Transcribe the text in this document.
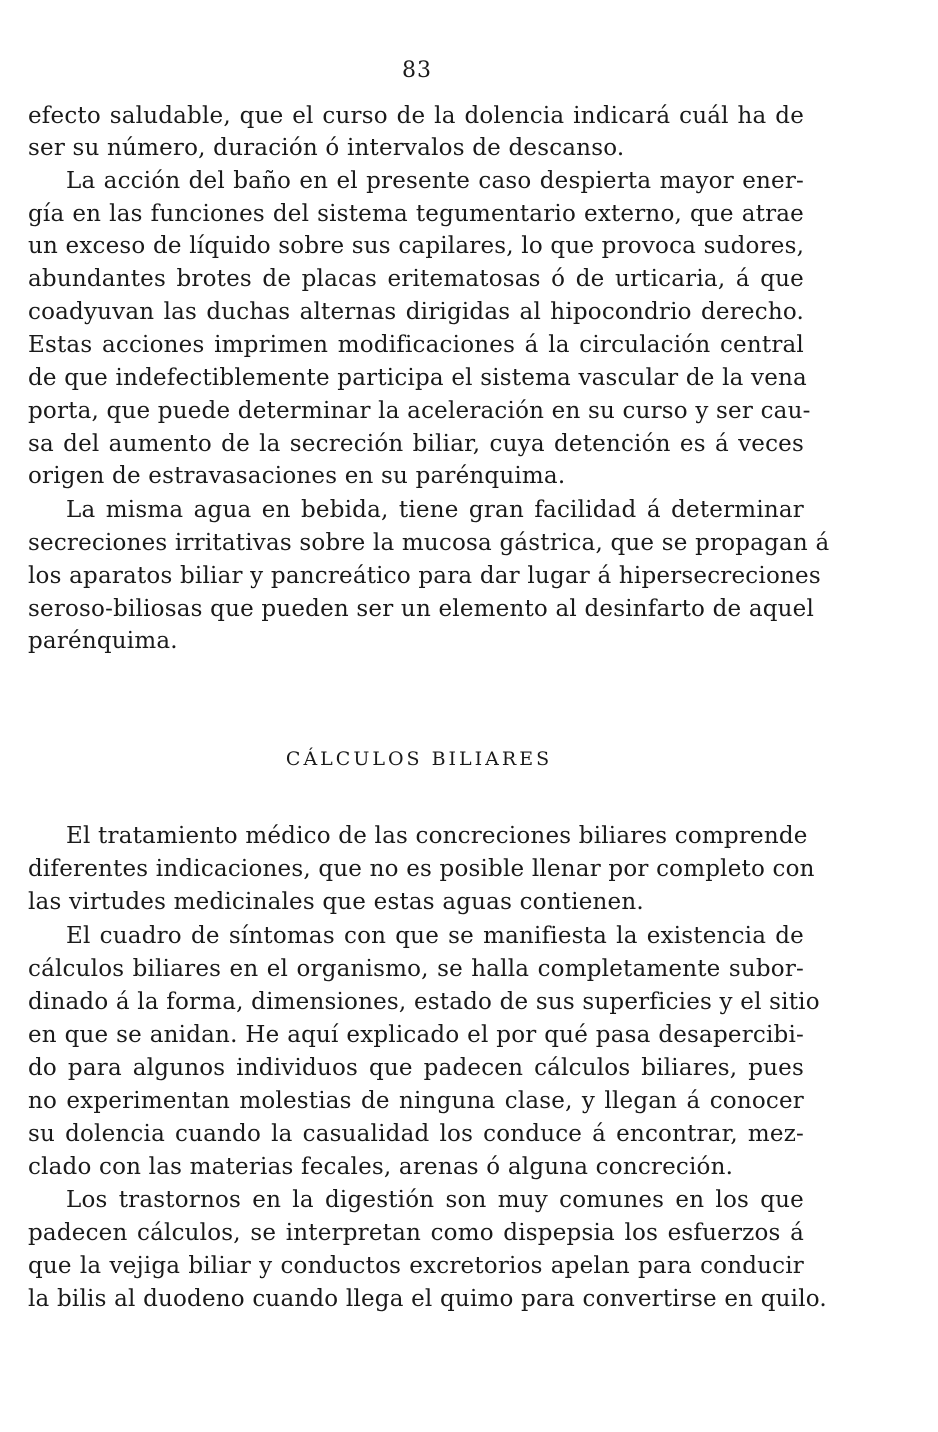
83
efecto saludable, que el curso de la dolencia indicará cuál ha de
ser su número, duración ó intervalos de descanso.
La acción del baño en el presente caso despierta mayor ener-
gía en las funciones del sistema tegumentario externo, que atrae
un exceso de líquido sobre sus capilares, lo que provoca sudores,
abundantes brotes de placas eritematosas ó de urticaria, á que
coadyuvan las duchas alternas dirigidas al hipocondrio derecho.
Estas acciones imprimen modificaciones á la circulación central
de que indefectiblemente participa el sistema vascular de la vena
porta, que puede determinar la aceleración en su curso y ser cau-
sa del aumento de la secreción biliar, cuya detención es á veces
origen de estravasaciones en su parénquima.
La misma agua en bebida, tiene gran facilidad á determinar
secreciones irritativas sobre la mucosa gástrica, que se propagan á
los aparatos biliar y pancreático para dar lugar á hipersecreciones
seroso-biliosas que pueden ser un elemento al desinfarto de aquel
parénquima.
CÁLCULOS BILIARES
El tratamiento médico de las concreciones biliares comprende
diferentes indicaciones, que no es posible llenar por completo con
las virtudes medicinales que estas aguas contienen.
El cuadro de síntomas con que se manifiesta la existencia de
cálculos biliares en el organismo, se halla completamente subor-
dinado á la forma, dimensiones, estado de sus superficies y el sitio
en que se anidan. He aquí explicado el por qué pasa desapercibi-
do para algunos individuos que padecen cálculos biliares, pues
no experimentan molestias de ninguna clase, y llegan á conocer
su dolencia cuando la casualidad los conduce á encontrar, mez-
clado con las materias fecales, arenas ó alguna concreción.
Los trastornos en la digestión son muy comunes en los que
padecen cálculos, se interpretan como dispepsia los esfuerzos á
que la vejiga biliar y conductos excretorios apelan para conducir
la bilis al duodeno cuando llega el quimo para convertirse en quilo.
